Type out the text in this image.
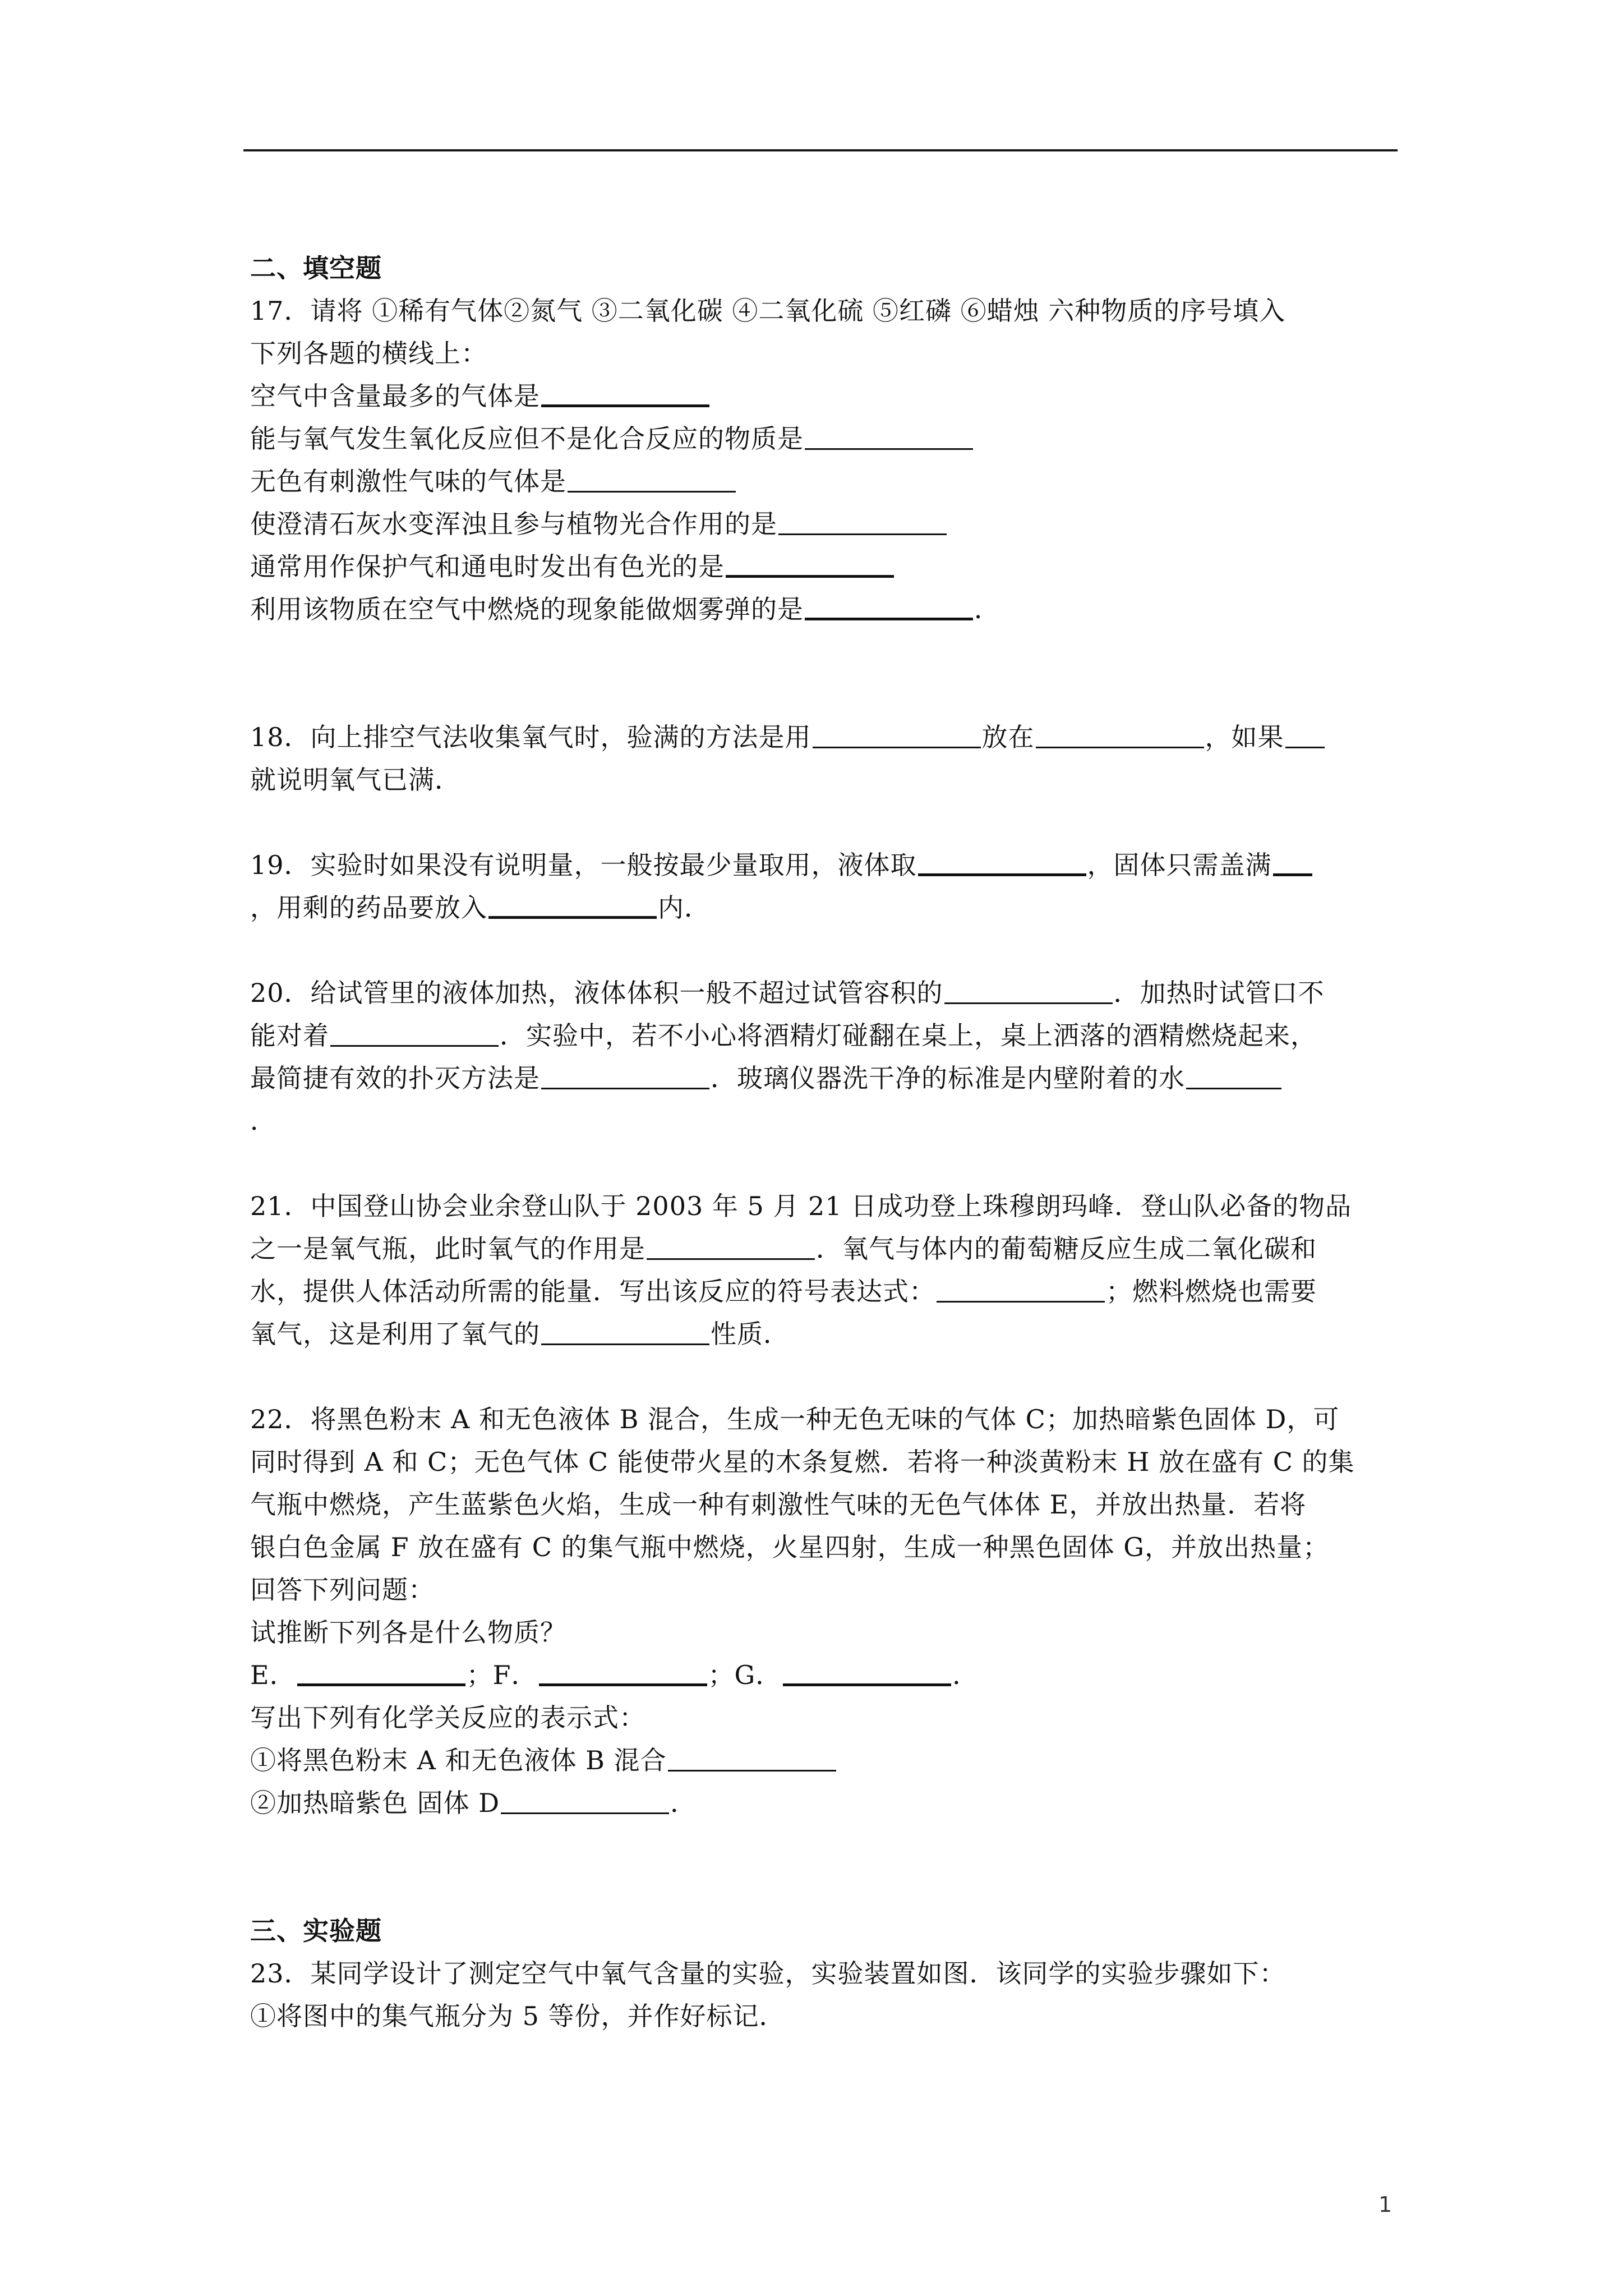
二、填空题
17．请将 ①稀有气体②氮气 ③二氧化碳 ④二氧化硫 ⑤红磷 ⑥蜡烛 六种物质的序号填入
下列各题的横线上：
空气中含量最多的气体是
能与氧气发生氧化反应但不是化合反应的物质是
无色有刺激性气味的气体是
使澄清石灰水变浑浊且参与植物光合作用的是
通常用作保护气和通电时发出有色光的是
利用该物质在空气中燃烧的现象能做烟雾弹的是	．
18．向上排空气法收集氧气时，验满的方法是用	放在	，如果
就说明氧气已满．
19．实验时如果没有说明量，一般按最少量取用，液体取	，固体只需盖满
，用剩的药品要放入	内．
20．给试管里的液体加热，液体体积一般不超过试管容积的	．加热时试管口不
能对着	．实验中，若不小心将酒精灯碰翻在桌上，桌上洒落的酒精燃烧起来，
最简捷有效的扑灭方法是	．玻璃仪器洗干净的标准是内壁附着的水
．
21．中国登山协会业余登山队于 2003 年 5 月 21 日成功登上珠穆朗玛峰．登山队必备的物品
之一是氧气瓶，此时氧气的作用是	．氧气与体内的葡萄糖反应生成二氧化碳和
水，提供人体活动所需的能量．写出该反应的符号表达式：	；燃料燃烧也需要
氧气，这是利用了氧气的	性质．
22．将黑色粉末 A 和无色液体 B 混合，生成一种无色无味的气体 C；加热暗紫色固体 D，可
同时得到 A 和 C；无色气体 C 能使带火星的木条复燃．若将一种淡黄粉末 H 放在盛有 C 的集
气瓶中燃烧，产生蓝紫色火焰，生成一种有刺激性气味的无色气体体 E，并放出热量．若将
银白色金属 F 放在盛有 C 的集气瓶中燃烧，火星四射，生成一种黑色固体 G，并放出热量；
回答下列问题：
试推断下列各是什么物质？
E．	；F．	；G．	．
写出下列有化学关反应的表示式：
①将黑色粉末 A 和无色液体 B 混合
②加热暗紫色 固体 D	．
三、实验题
23．某同学设计了测定空气中氧气含量的实验，实验装置如图．该同学的实验步骤如下：
①将图中的集气瓶分为 5 等份，并作好标记．
1
